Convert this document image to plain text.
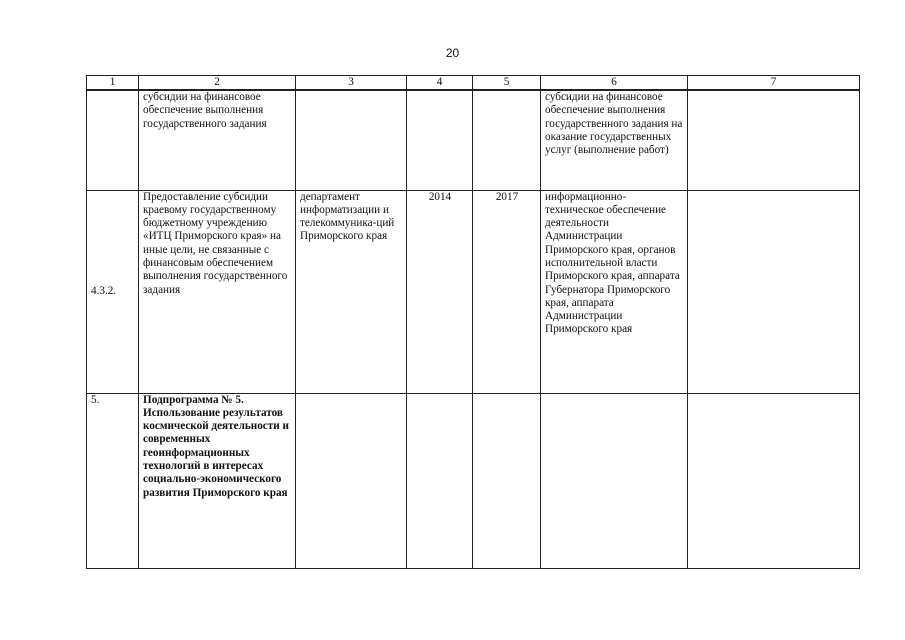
20
1	2	3	4	5	6	7
	субсидии на финансовое обеспечение выполнения государственного задания				субсидии на финансовое обеспечение выполнения государственного задания на оказание государственных услуг (выполнение работ)	
4.3.2.	Предоставление субсидии краевому государственному бюджетному учреждению «ИТЦ Приморского края» на иные цели, не связанные с финансовым обеспечением выполнения государственного задания	департамент информатизации и телекоммуника-ций Приморского края	2014	2017	информационно-техническое обеспечение деятельности Администрации Приморского края, органов исполнительной власти Приморского края, аппарата Губернатора Приморского края, аппарата Администрации Приморского края	
5.	Подпрограмма № 5. Использование результатов космической деятельности и современных геоинформационных технологий в интересах социально-экономического развития Приморского края					
